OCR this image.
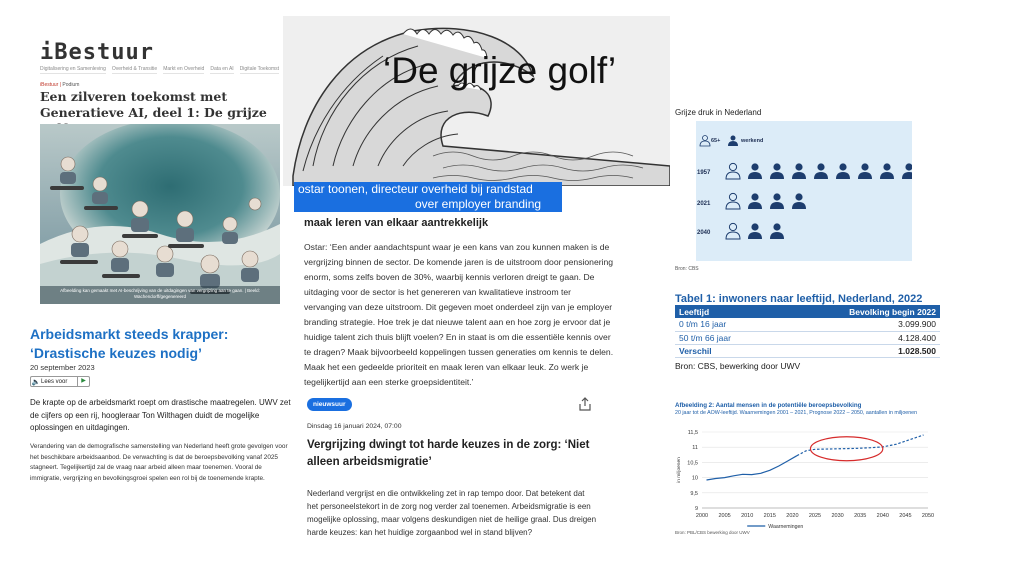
iBestuur
Digitalisering en Samenleving Overheid & Transitie Markt en Overheid Data en AI Digitale Toekomst
iBestuur | Podium
Een zilveren toekomst met Generatieve AI, deel 1: De grijze
Afbeelding kan gemaakt met AI-beschrijving van de uitdagingen van vergrijzing aan te gaan. | Beeld: Wachendorff/gegenereerd
Arbeidsmarkt steeds krapper: ‘Drastische keuzes nodig’
20 september 2023
🔈 Lees voor	▶
De krapte op de arbeidsmarkt roept om drastische maatregelen. UWV zet de cijfers op een rij, hoogleraar Ton Wilthagen duidt de mogelijke oplossingen en uitdagingen.
Verandering van de demografische samenstelling van Nederland heeft grote gevolgen voor het beschikbare arbeidsaanbod. De verwachting is dat de beroepsbevolking vanaf 2025 stagneert. Tegelijkertijd zal de vraag naar arbeid alleen maar toenemen. Vooral de immigratie, vergrijzing en bevolkingsgroei spelen een rol bij de toenemende krapte.
‘De grijze golf’
ostar toonen, directeur overheid bij randstad
over employer branding
maak leren van elkaar aantrekkelijk
Ostar: ‘Een ander aandachtspunt waar je een kans van zou kunnen maken is de vergrijzing binnen de sector. De komende jaren is de uitstroom door pensionering enorm, soms zelfs boven de 30%, waarbij kennis verloren dreigt te gaan. De uitdaging voor de sector is het genereren van kwalitatieve instroom ter vervanging van deze uitstroom. Dit gegeven moet onderdeel zijn van je employer branding strategie. Hoe trek je dat nieuwe talent aan en hoe zorg je ervoor dat je huidige talent zich thuis blijft voelen? En in staat is om die essentiële kennis over te dragen? Maak bijvoorbeeld koppelingen tussen generaties om kennis te delen. Maak het een gedeelde prioriteit en maak leren van elkaar leuk. Zo werk je tegelijkertijd aan een sterke groepsidentiteit.’
nieuwsuur
Dinsdag 16 januari 2024, 07:00
Vergrijzing dwingt tot harde keuzes in de zorg: ‘Niet alleen arbeidsmigratie’
Nederland vergrijst en die ontwikkeling zet in rap tempo door. Dat betekent dat het personeelstekort in de zorg nog verder zal toenemen. Arbeidsmigratie is een mogelijke oplossing, maar volgens deskundigen niet de heilige graal. Dus dreigen harde keuzes: kan het huidige zorgaanbod wel in stand blijven?
Grijze druk in Nederland
65+	werkend
1957
2021
2040
Bron: CBS
Tabel 1: inwoners naar leeftijd, Nederland, 2022
Leeftijd	Bevolking begin 2022
0 t/m 16 jaar	3.099.900
50 t/m 66 jaar	4.128.400
Verschil	1.028.500
Bron: CBS, bewerking door UWV
Afbeelding 2: Aantal mensen in de potentiële beroepsbevolking
20 jaar tot de AOW-leeftijd. Waarnemingen 2001 – 2021, Prognose 2022 – 2050, aantallen in miljoenen
9
9,5
10
10,5
11
11,5
2000 2005 2010 2015 2020 2025 2030 2035 2040 2045 2050
in miljoenen
Waarnemingen
Bron: PBL/CBS bewerking door UWV
